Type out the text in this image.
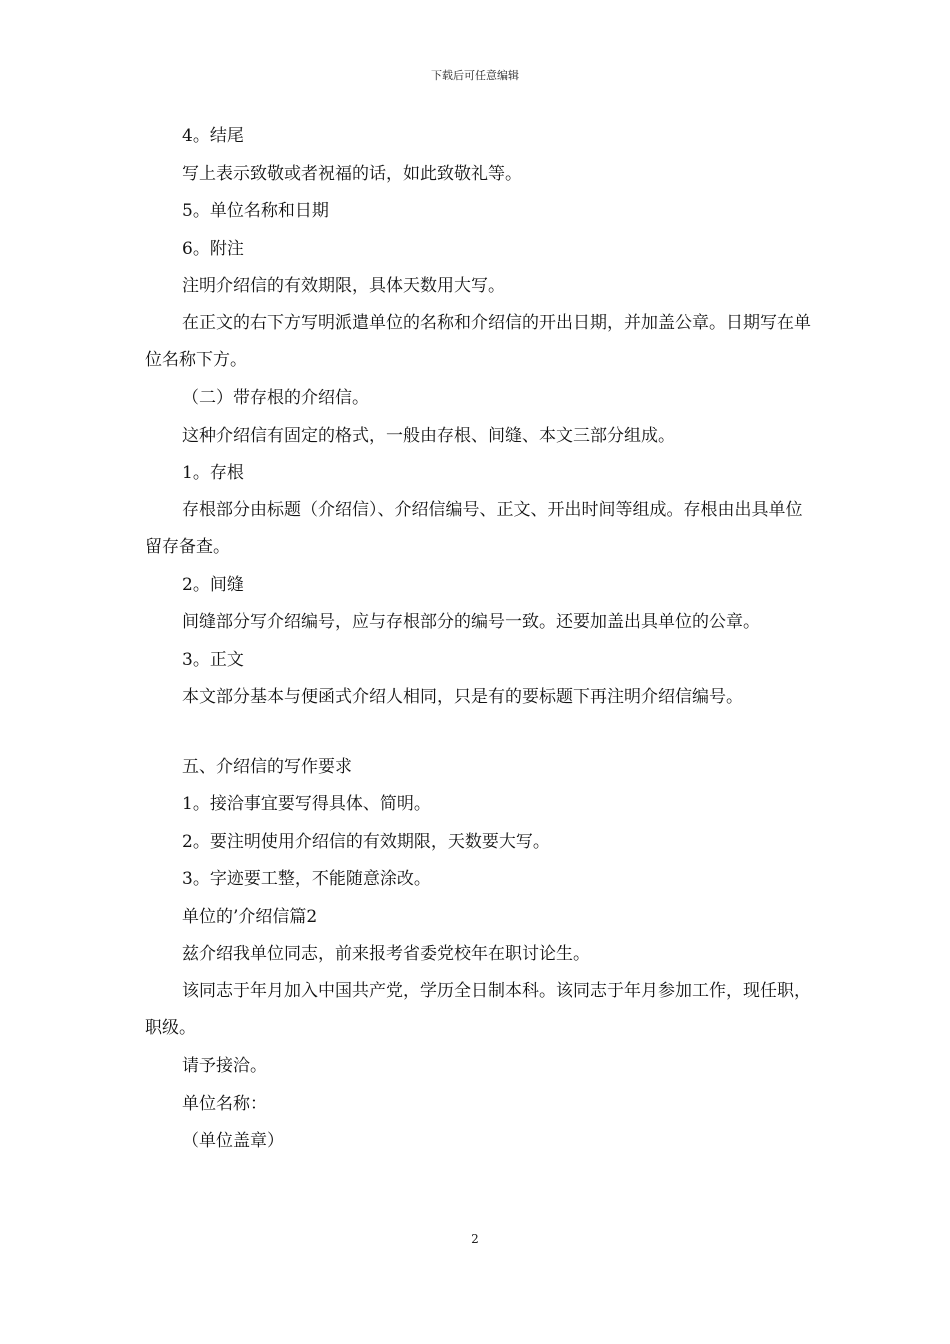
下载后可任意编辑
4。结尾
写上表示致敬或者祝福的话，如此致敬礼等。
5。单位名称和日期
6。附注
注明介绍信的有效期限，具体天数用大写。
在正文的右下方写明派遣单位的名称和介绍信的开出日期，并加盖公章。日期写在单位名称下方。
（二）带存根的介绍信。
这种介绍信有固定的格式，一般由存根、间缝、本文三部分组成。
1。存根
存根部分由标题（介绍信）、介绍信编号、正文、开出时间等组成。存根由出具单位留存备查。
2。间缝
间缝部分写介绍编号，应与存根部分的编号一致。还要加盖出具单位的公章。
3。正文
本文部分基本与便函式介绍人相同，只是有的要标题下再注明介绍信编号。
五、介绍信的写作要求
1。接洽事宜要写得具体、简明。
2。要注明使用介绍信的有效期限，天数要大写。
3。字迹要工整，不能随意涂改。
单位的’介绍信篇2
兹介绍我单位同志，前来报考省委党校年在职讨论生。
该同志于年月加入中国共产党，学历全日制本科。该同志于年月参加工作，现任职，职级。
请予接洽。
单位名称：
（单位盖章）
2
